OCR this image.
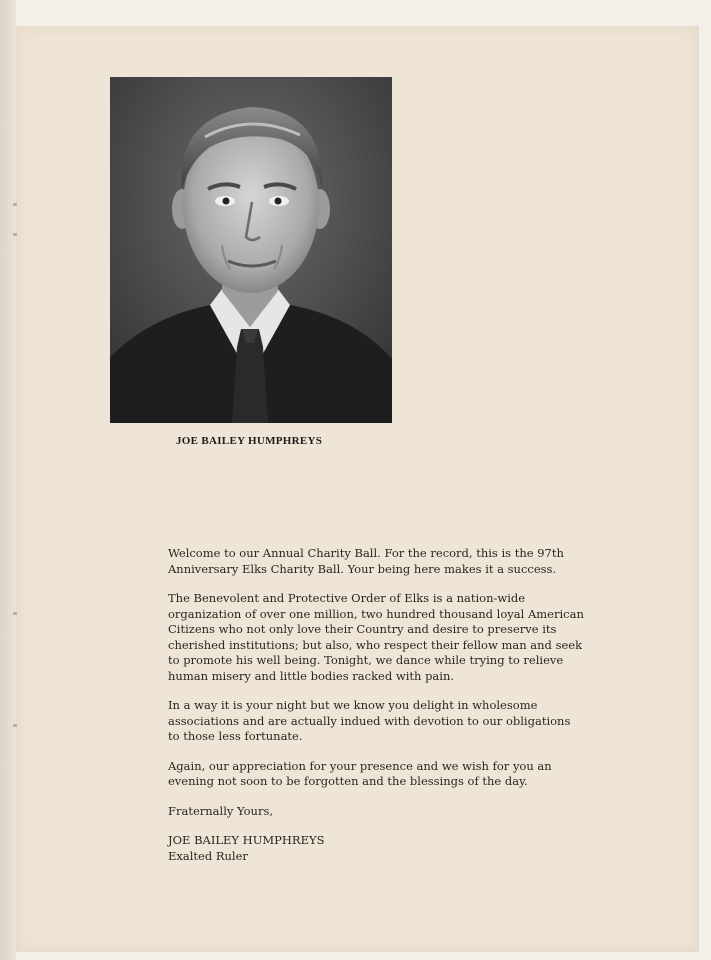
JOE BAILEY HUMPHREYS

Welcome to our Annual Charity Ball. For the record, this is the 97th
Anniversary Elks Charity Ball. Your being here makes it a success.

The Benevolent and Protective Order of Elks is a nation-wide
organization of over one million, two hundred thousand loyal American
Citizens who not only love their Country and desire to preserve its
cherished institutions; but also, who respect their fellow man and seek
to promote his well being. Tonight, we dance while trying to relieve
human misery and little bodies racked with pain.

In a way it is your night but we know you delight in wholesome
associations and are actually indued with devotion to our obligations
to those less fortunate.

Again, our appreciation for your presence and we wish for you an
evening not soon to be forgotten and the blessings of the day.

Fraternally Yours,

JOE BAILEY HUMPHREYS
Exalted Ruler
